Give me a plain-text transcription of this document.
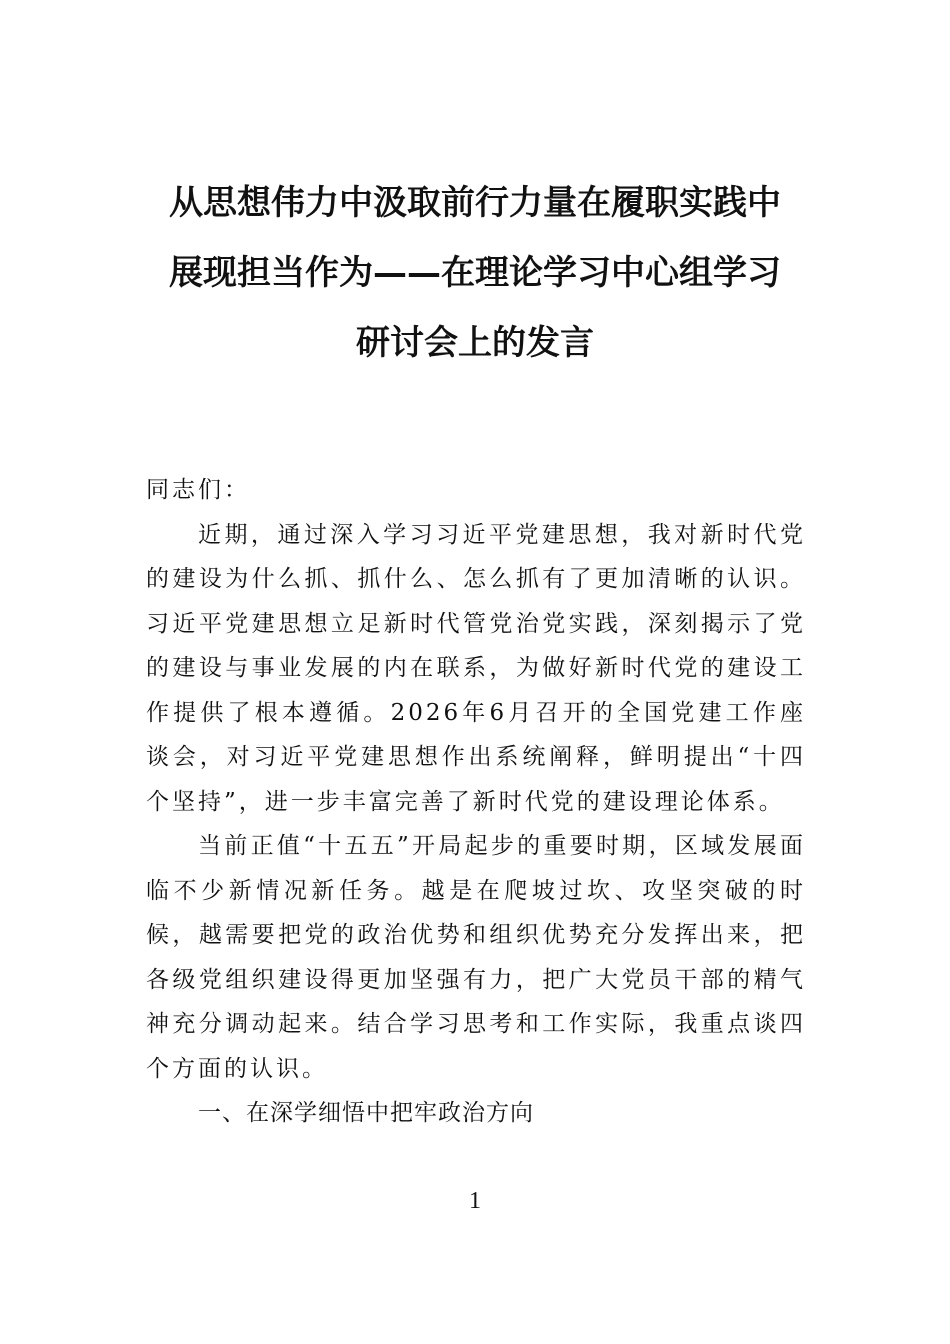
从思想伟力中汲取前行力量在履职实践中
展现担当作为——在理论学习中心组学习
研讨会上的发言

同志们：

近期，通过深入学习习近平党建思想，我对新时代党的建设为什么抓、抓什么、怎么抓有了更加清晰的认识。习近平党建思想立足新时代管党治党实践，深刻揭示了党的建设与事业发展的内在联系，为做好新时代党的建设工作提供了根本遵循。2026年6月召开的全国党建工作座谈会，对习近平党建思想作出系统阐释，鲜明提出“十四个坚持”，进一步丰富完善了新时代党的建设理论体系。

当前正值“十五五”开局起步的重要时期，区域发展面临不少新情况新任务。越是在爬坡过坎、攻坚突破的时候，越需要把党的政治优势和组织优势充分发挥出来，把各级党组织建设得更加坚强有力，把广大党员干部的精气神充分调动起来。结合学习思考和工作实际，我重点谈四个方面的认识。

一、在深学细悟中把牢政治方向

1
